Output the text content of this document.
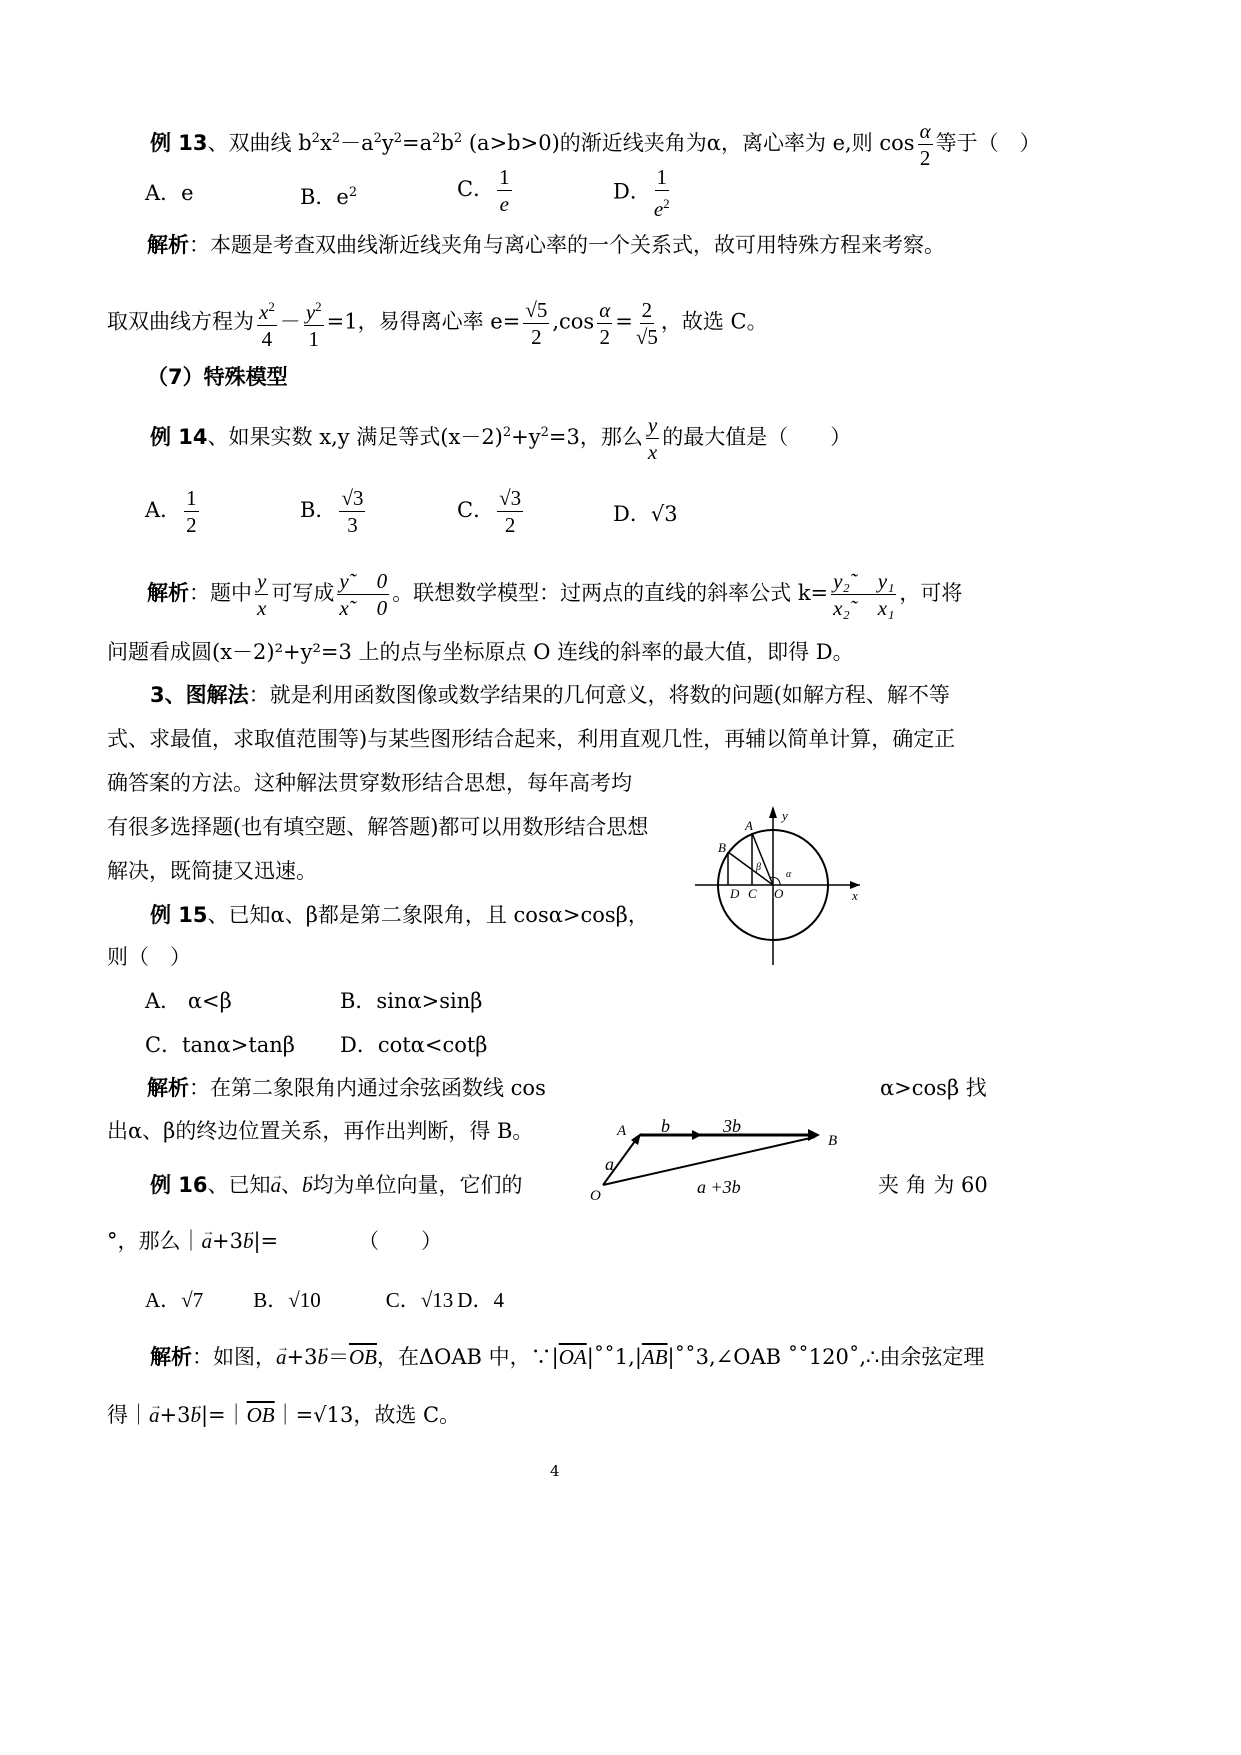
例 13、双曲线 $b^2x^2-a^2y^2=a^2b^2$ (a>b>0)的渐近线夹角为α，离心率为 e,则 $\cos \frac{\alpha}{2}$ 等于（　）
A．e	B．$e^2$	C． $\frac{1}{e}$	D． $\frac{1}{e^2}$
解析：本题是考查双曲线渐近线夹角与离心率的一个关系式，故可用特殊方程来考察。
取双曲线方程为 $\frac{x^2}{4} - \frac{y^2}{1} =1$，易得离心率 $e= \frac{√5}{2} ,\cos \frac{\alpha}{2} = \frac{2}{√5}$ ，故选 C。
（7）特殊模型
例 14、如果实数 x,y 满足等式$(x-2)^2+y^2=3$，那么 $\frac{y}{x}$ 的最大值是（　　）
A． $\frac{1}{2}$	B． $\frac{√3}{3}$	C． $\frac{√3}{2}$	D．√3
解析：题中 $\frac{y}{x}$ 可写成 $\frac{y˜ 0}{x˜ 0}$ 。联想数学模型：过两点的直线的斜率公式 $k= \frac{\text{y₂˜　y₁}}{\text{x₂˜　x₁}}$ ，可将
问题看成圆(x－2)²+y²=3 上的点与坐标原点 O 连线的斜率的最大值，即得 D。
3、图解法：就是利用函数图像或数学结果的几何意义，将数的问题(如解方程、解不等
式、求最值，求取值范围等)与某些图形结合起来，利用直观几性，再辅以简单计算，确定正
确答案的方法。这种解法贯穿数形结合思想，每年高考均
有很多选择题(也有填空题、解答题)都可以用数形结合思想
解决，既简捷又迅速。
y
x
A
B
D C O
β
α
例 15、已知α、β都是第二象限角，且 cosα>cosβ，
则（　）
A． α<β	B．sinα>sinβ
C．tanα>tanβ D．cotα<cotβ
解析：在第二象限角内通过余弦函数线 cos	α>cosβ 找
出α、β的终边位置关系，再作出判断，得 B。	A
B
O
b	3b
a
a +3b
例 16、已知→ a、→ b均为单位向量，它们的	夹 角 为 60
°，那么｜→ a+3→ b|=	（　　）
A．√7 B．√10	C．√13 D．4
解析：如图，→ $a+3\to b=\overline{OB}$，在ΔOAB 中，$\because|\overline{OA}|˚˚1,|\overline{AB}|˚˚3,\angle OAB$ ˚˚120˚,∴由余弦定理
得｜→ $a+3\to b|=|\overline{OB}|=√13$，故选 C。
4
